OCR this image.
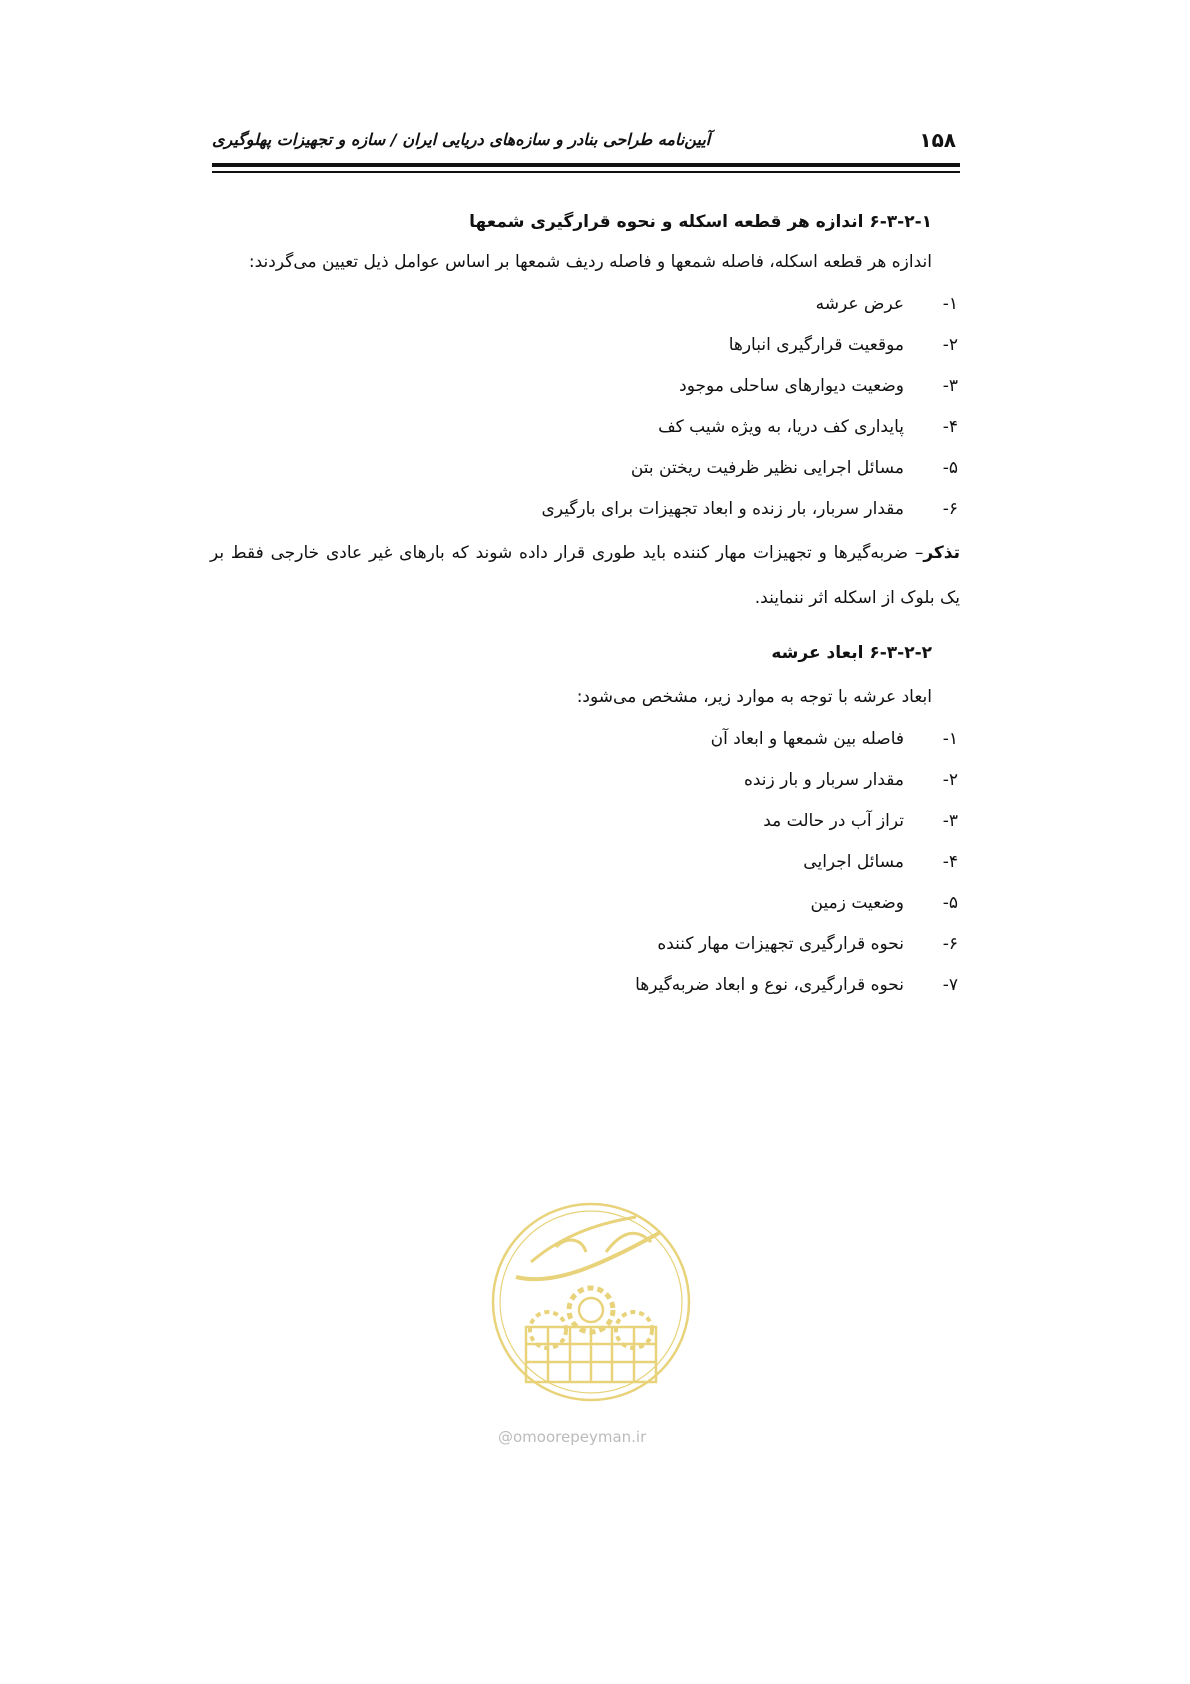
۱۵۸
آیین‌نامه طراحی بنادر و سازه‌های دریایی ایران / سازه و تجهیزات پهلوگیری
۶-۳-۲-۱ اندازه هر قطعه اسکله و نحوه قرارگیری شمعها
اندازه هر قطعه اسکله، فاصله شمعها و فاصله ردیف شمعها بر اساس عوامل ذیل تعیین می‌گردند:
۱-عرض عرشه
۲-موقعیت قرارگیری انبارها
۳-وضعیت دیوارهای ساحلی موجود
۴-پایداری کف دریا، به ویژه شیب کف
۵-مسائل اجرایی نظیر ظرفیت ریختن بتن
۶-مقدار سربار، بار زنده و ابعاد تجهیزات برای بارگیری
تذکر– ضربه‌گیرها و تجهیزات مهار کننده باید طوری قرار داده شوند که بارهای غیر عادی خارجی فقط بر یک بلوک از اسکله اثر ننمایند.
۶-۳-۲-۲ ابعاد عرشه
ابعاد عرشه با توجه به موارد زیر، مشخص می‌شود:
۱-فاصله بین شمعها و ابعاد آن
۲-مقدار سربار و بار زنده
۳-تراز آب در حالت مد
۴-مسائل اجرایی
۵-وضعیت زمین
۶-نحوه قرارگیری تجهیزات مهار کننده
۷-نحوه قرارگیری، نوع و ابعاد ضربه‌گیرها
@omoorepeyman.ir
